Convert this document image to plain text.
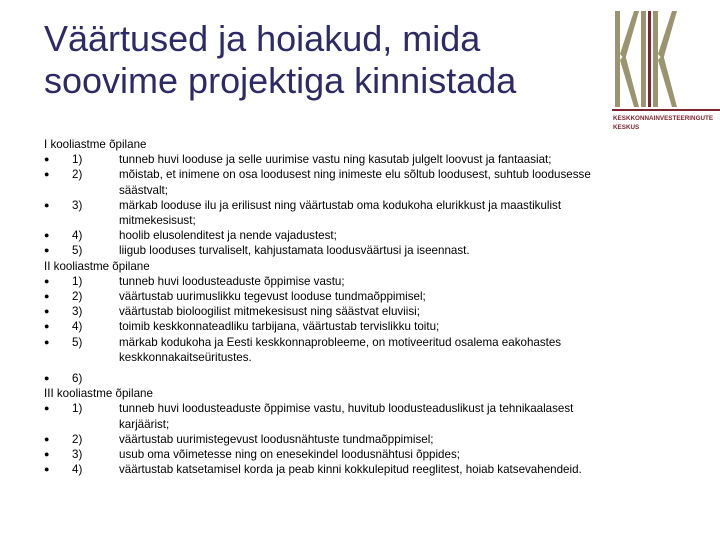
Väärtused ja hoiakud, mida
soovime projektiga kinnistada
KESKKONNAINVESTEERINGUTE
KESKUS
I kooliastme õpilane
●	1)	tunneb huvi looduse ja selle uurimise vastu ning kasutab julgelt loovust ja fantaasiat;
●	2)	mõistab, et inimene on osa loodusest ning inimeste elu sõltub loodusest, suhtub loodusesse
säästvalt;
●	3)	märkab looduse ilu ja erilisust ning väärtustab oma kodukoha elurikkust ja maastikulist
mitmekesisust;
●	4)	hoolib elusolenditest ja nende vajadustest;
●	5)	liigub looduses turvaliselt, kahjustamata loodusväärtusi ja iseennast.
II kooliastme õpilane
●	1)	tunneb huvi loodusteaduste õppimise vastu;
●	2)	väärtustab uurimuslikku tegevust looduse tundmaõppimisel;
●	3)	väärtustab bioloogilist mitmekesisust ning säästvat eluviisi;
●	4)	toimib keskkonnateadliku tarbijana, väärtustab tervislikku toitu;
●	5)	märkab kodukoha ja Eesti keskkonnaprobleeme, on motiveeritud osalema eakohastes
keskkonnakaitseüritustes.
●	6)
III kooliastme õpilane
●	1)	tunneb huvi loodusteaduste õppimise vastu, huvitub loodusteaduslikust ja tehnikaalasest
karjäärist;
●	2)	väärtustab uurimistegevust loodusnähtuste tundmaõppimisel;
●	3)	usub oma võimetesse ning on enesekindel loodusnähtusi õppides;
●	4)	väärtustab katsetamisel korda ja peab kinni kokkulepitud reeglitest, hoiab katsevahendeid.
